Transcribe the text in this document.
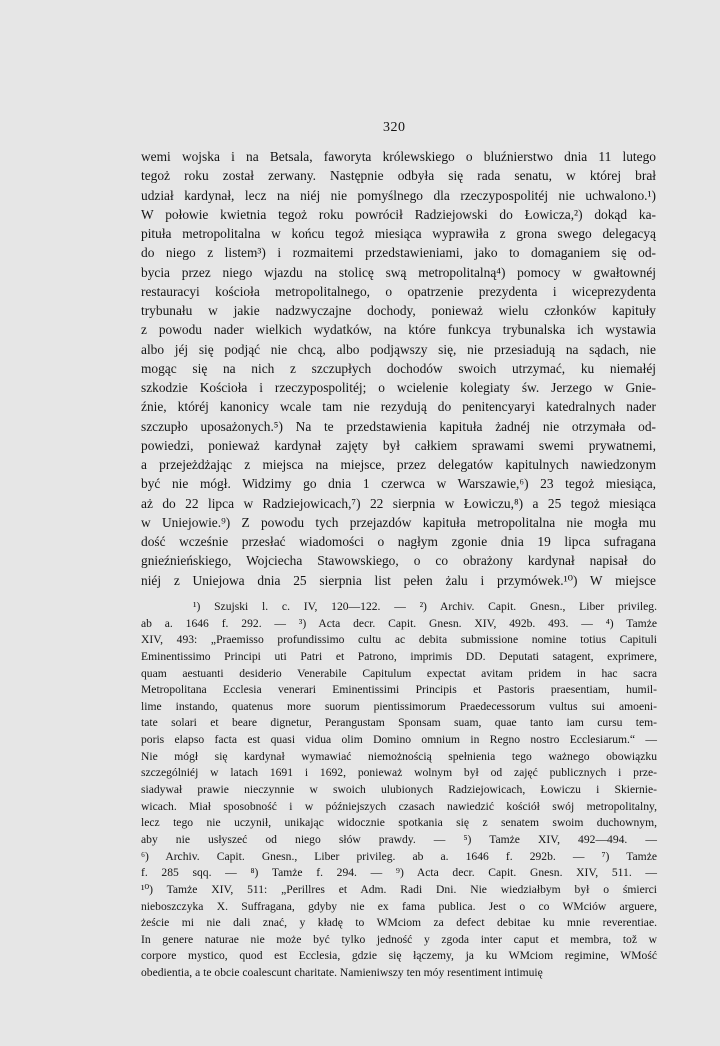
320
wemi wojska i na Betsala, faworyta królewskiego o bluźnierstwo dnia 11 lutego
tegoż roku został zerwany. Następnie odbyła się rada senatu, w której brał
udział kardynał, lecz na niéj nie pomyślnego dla rzeczypospolitéj nie uchwalono.¹)
W połowie kwietnia tegoż roku powrócił Radziejowski do Łowicza,²) dokąd ka-
pituła metropolitalna w końcu tegoż miesiąca wyprawiła z grona swego delegacyą
do niego z listem³) i rozmaitemi przedstawieniami, jako to domaganiem się od-
bycia przez niego wjazdu na stolicę swą metropolitalną⁴) pomocy w gwałtownéj
restauracyi kościoła metropolitalnego, o opatrzenie prezydenta i wiceprezydenta
trybunału w jakie nadzwyczajne dochody, ponieważ wielu członków kapituły
z powodu nader wielkich wydatków, na które funkcya trybunalska ich wystawia
albo jéj się podjąć nie chcą, albo podjąwszy się, nie przesiadują na sądach, nie
mogąc się na nich z szczupłych dochodów swoich utrzymać, ku niemałéj
szkodzie Kościoła i rzeczypospolitéj; o wcielenie kolegiaty św. Jerzego w Gnie-
źnie, któréj kanonicy wcale tam nie rezydują do penitencyaryi katedralnych nader
szczupło uposażonych.⁵) Na te przedstawienia kapituła żadnéj nie otrzymała od-
powiedzi, ponieważ kardynał zajęty był całkiem sprawami swemi prywatnemi,
a przejeżdżając z miejsca na miejsce, przez delegatów kapitulnych nawiedzonym
być nie mógł. Widzimy go dnia 1 czerwca w Warszawie,⁶) 23 tegoż miesiąca,
aż do 22 lipca w Radziejowicach,⁷) 22 sierpnia w Łowiczu,⁸) a 25 tegoż miesiąca
w Uniejowie.⁹) Z powodu tych przejazdów kapituła metropolitalna nie mogła mu
dość wcześnie przesłać wiadomości o nagłym zgonie dnia 19 lipca sufragana
gnieźnieńskiego, Wojciecha Stawowskiego, o co obrażony kardynał napisał do
niéj z Uniejowa dnia 25 sierpnia list pełen żalu i przymówek.¹⁰) W miejsce
¹) Szujski l. c. IV, 120—122. — ²) Archiv. Capit. Gnesn., Liber privileg.
ab a. 1646 f. 292. — ³) Acta decr. Capit. Gnesn. XIV, 492b. 493. — ⁴) Tamże
XIV, 493: „Praemisso profundissimo cultu ac debita submissione nomine totius Capituli
Eminentissimo Principi uti Patri et Patrono, imprimis DD. Deputati satagent, exprimere,
quam aestuanti desiderio Venerabile Capitulum expectat avitam pridem in hac sacra
Metropolitana Ecclesia venerari Eminentissimi Principis et Pastoris praesentiam, humil-
lime instando, quatenus more suorum pientissimorum Praedecessorum vultus sui amoeni-
tate solari et beare dignetur, Perangustam Sponsam suam, quae tanto iam cursu tem-
poris elapso facta est quasi vidua olim Domino omnium in Regno nostro Ecclesiarum.“ —
Nie mógł się kardynał wymawiać niemożnością spełnienia tego ważnego obowiązku
szczególniéj w latach 1691 i 1692, ponieważ wolnym był od zajęć publicznych i prze-
siadywał prawie nieczynnie w swoich ulubionych Radziejowicach, Łowiczu i Skiernie-
wicach. Miał sposobność i w późniejszych czasach nawiedzić kościół swój metropolitalny,
lecz tego nie uczynił, unikając widocznie spotkania się z senatem swoim duchownym,
aby nie usłyszeć od niego słów prawdy. — ⁵) Tamże XIV, 492—494. —
⁶) Archiv. Capit. Gnesn., Liber privileg. ab a. 1646 f. 292b. — ⁷) Tamże
f. 285 sqq. — ⁸) Tamże f. 294. — ⁹) Acta decr. Capit. Gnesn. XIV, 511. —
¹⁰) Tamże XIV, 511: „Perillres et Adm. Radi Dni. Nie wiedziałbym był o śmierci
nieboszczyka X. Suffragana, gdyby nie ex fama publica. Jest o co WMciów arguere,
żeście mi nie dali znać, y kładę to WMciom za defect debitae ku mnie reverentiae.
In genere naturae nie może być tylko jedność y zgoda inter caput et membra, tož w
corpore mystico, quod est Ecclesia, gdzie się łączemy, ja ku WMciom regimine, WMość
obedientia, a te obcie coalescunt charitate. Namieniwszy ten móy resentiment intimuię
